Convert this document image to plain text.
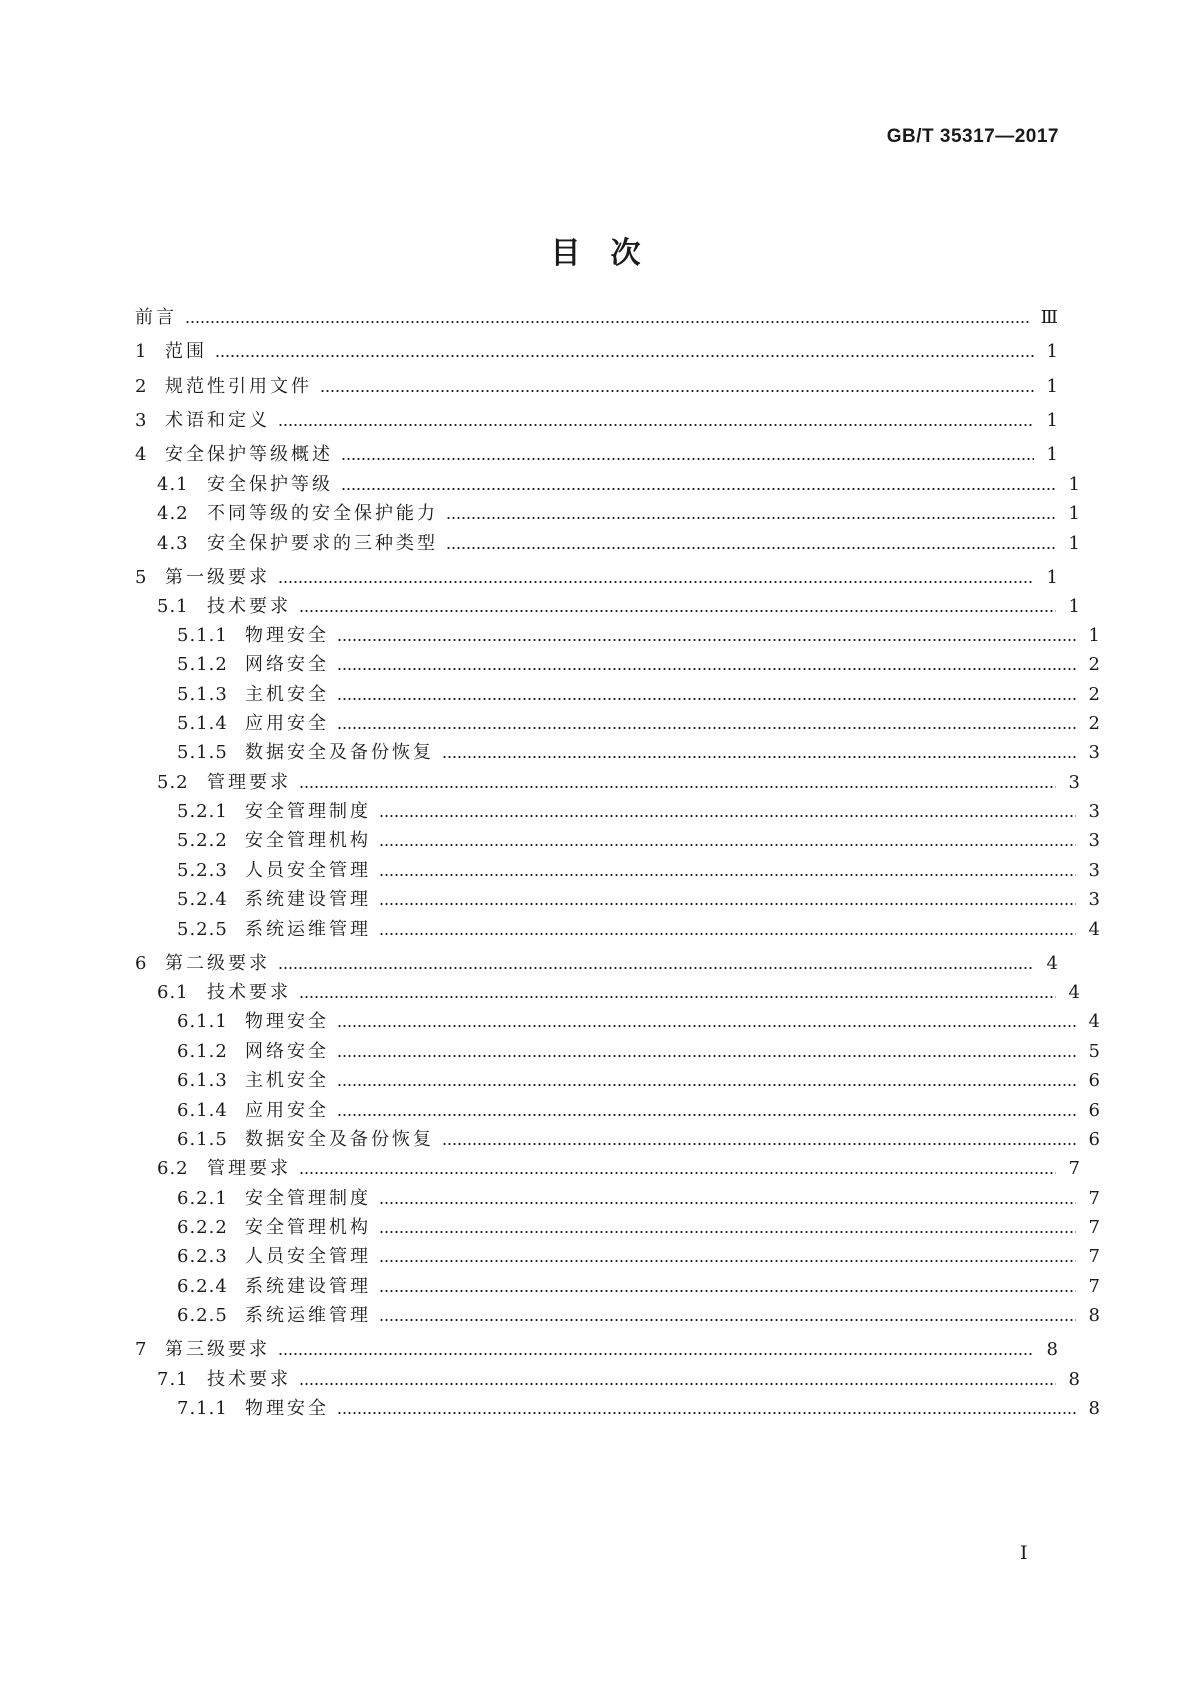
GB/T 35317—2017
目　次
前言	Ⅲ
1 范围	1
2 规范性引用文件	1
3 术语和定义	1
4 安全保护等级概述	1
4.1	安全保护等级	1
4.2	不同等级的安全保护能力	1
4.3	安全保护要求的三种类型	1
5 第一级要求	1
5.1	技术要求	1
5.1.1 物理安全	1
5.1.2 网络安全	2
5.1.3 主机安全	2
5.1.4 应用安全	2
5.1.5 数据安全及备份恢复	3
5.2	管理要求	3
5.2.1 安全管理制度	3
5.2.2 安全管理机构	3
5.2.3 人员安全管理	3
5.2.4 系统建设管理	3
5.2.5 系统运维管理	4
6 第二级要求	4
6.1	技术要求	4
6.1.1 物理安全	4
6.1.2 网络安全	5
6.1.3 主机安全	6
6.1.4 应用安全	6
6.1.5 数据安全及备份恢复	6
6.2	管理要求	7
6.2.1 安全管理制度	7
6.2.2 安全管理机构	7
6.2.3 人员安全管理	7
6.2.4 系统建设管理	7
6.2.5 系统运维管理	8
7 第三级要求	8
7.1	技术要求	8
7.1.1 物理安全	8
I
